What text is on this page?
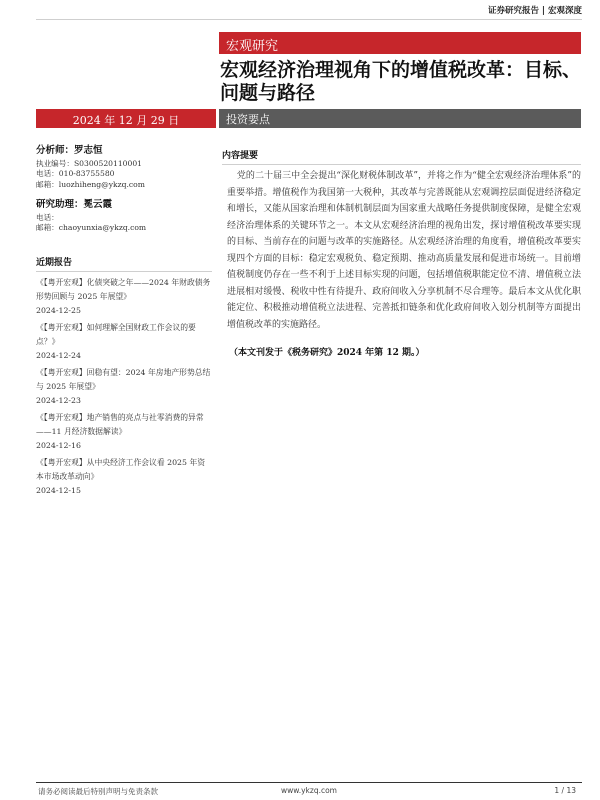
证券研究报告 | 宏观深度
宏观研究
宏观经济治理视角下的增值税改革：目标、问题与路径
2024 年 12 月 29 日	投资要点
分析师：罗志恒
执业编号：S0300520110001
电话：010-83755580
邮箱：luozhiheng@ykzq.com
研究助理：冕云霞
电话：
邮箱：chaoyunxia@ykzq.com
近期报告
《【粤开宏观】化债突破之年——2024 年财政债务形势回顾与 2025 年展望》
2024-12-25
《【粤开宏观】如何理解全国财政工作会议的要点？》
2024-12-24
《【粤开宏观】回稳有望：2024 年房地产形势总结与 2025 年展望》
2024-12-23
《【粤开宏观】地产销售的亮点与社零消费的异常——11 月经济数据解读》
2024-12-16
《【粤开宏观】从中央经济工作会议看 2025 年资本市场改革动向》
2024-12-15
内容提要

党的二十届三中全会提出“深化财税体制改革”，并将之作为“健全宏观经济治理体系”的重要举措。增值税作为我国第一大税种，其改革与完善既能从宏观调控层面促进经济稳定和增长，又能从国家治理和体制机制层面为国家重大战略任务提供制度保障，是健全宏观经济治理体系的关键环节之一。本文从宏观经济治理的视角出发，探讨增值税改革要实现的目标、当前存在的问题与改革的实施路径。从宏观经济治理的角度看，增值税改革要实现四个方面的目标：稳定宏观税负、稳定预期、推动高质量发展和促进市场统一。目前增值税制度仍存在一些不利于上述目标实现的问题，包括增值税职能定位不清、增值税立法进展相对缓慢、税收中性有待提升、政府间收入分享机制不尽合理等。最后本文从优化职能定位、积极推动增值税立法进程、完善抵扣链条和优化政府间收入划分机制等方面提出增值税改革的实施路径。

（本文刊发于《税务研究》2024 年第 12 期。）
请务必阅读最后特别声明与免责条款	www.ykzq.com	1 / 13
